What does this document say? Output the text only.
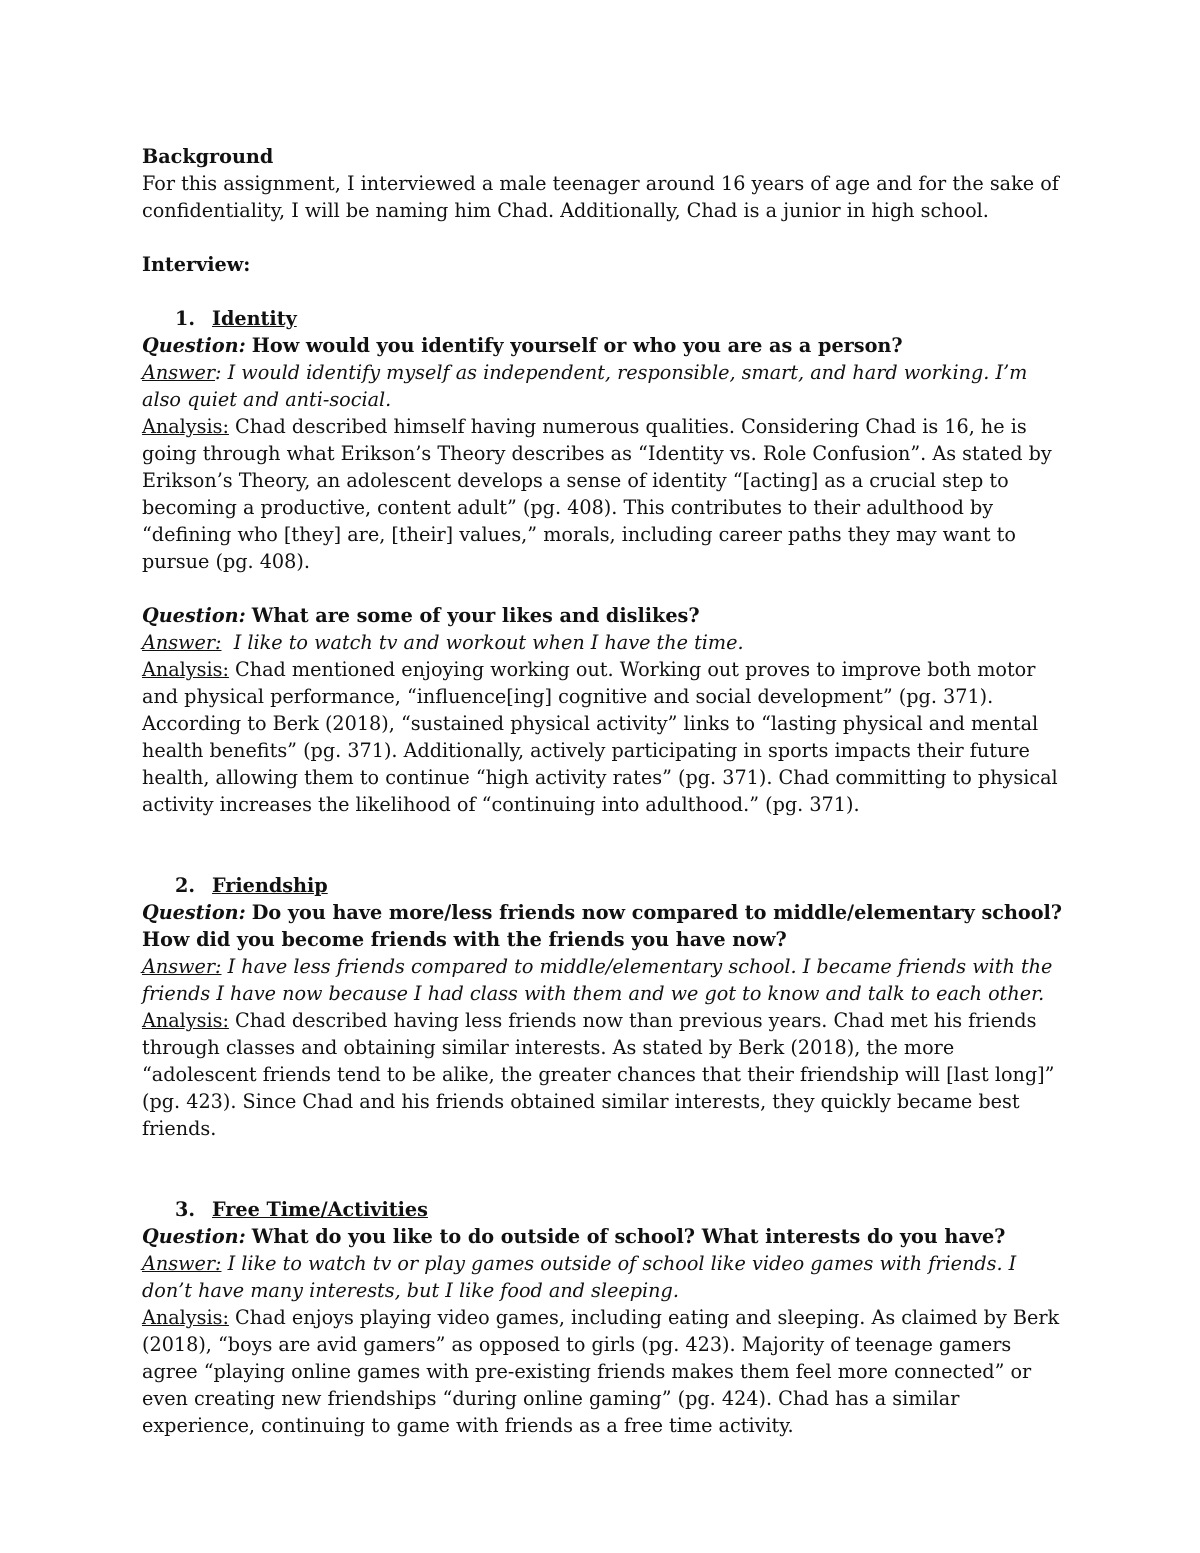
Background

For this assignment, I interviewed a male teenager around 16 years of age and for the sake of confidentiality, I will be naming him Chad. Additionally, Chad is a junior in high school.

Interview:
1. Identity

Question: How would you identify yourself or who you are as a person?

Answer: I would identify myself as independent, responsible, smart, and hard working. I’m also quiet and anti-social.

Analysis: Chad described himself having numerous qualities. Considering Chad is 16, he is going through what Erikson’s Theory describes as “Identity vs. Role Confusion”. As stated by Erikson’s Theory, an adolescent develops a sense of identity “[acting] as a crucial step to becoming a productive, content adult” (pg. 408). This contributes to their adulthood by “defining who [they] are, [their] values,” morals, including career paths they may want to pursue (pg. 408).

Question: What are some of your likes and dislikes?

Answer: I like to watch tv and workout when I have the time.

Analysis: Chad mentioned enjoying working out. Working out proves to improve both motor and physical performance, “influence[ing] cognitive and social development” (pg. 371). According to Berk (2018), “sustained physical activity” links to “lasting physical and mental health benefits” (pg. 371). Additionally, actively participating in sports impacts their future health, allowing them to continue “high activity rates” (pg. 371). Chad committing to physical activity increases the likelihood of “continuing into adulthood.” (pg. 371).

2. Friendship

Question: Do you have more/less friends now compared to middle/elementary school? How did you become friends with the friends you have now?

Answer: I have less friends compared to middle/elementary school. I became friends with the friends I have now because I had class with them and we got to know and talk to each other.

Analysis: Chad described having less friends now than previous years. Chad met his friends through classes and obtaining similar interests. As stated by Berk (2018), the more “adolescent friends tend to be alike, the greater chances that their friendship will [last long]” (pg. 423). Since Chad and his friends obtained similar interests, they quickly became best friends.

3. Free Time/Activities

Question: What do you like to do outside of school? What interests do you have?

Answer: I like to watch tv or play games outside of school like video games with friends. I don’t have many interests, but I like food and sleeping.

Analysis: Chad enjoys playing video games, including eating and sleeping. As claimed by Berk (2018), “boys are avid gamers” as opposed to girls (pg. 423). Majority of teenage gamers agree “playing online games with pre-existing friends makes them feel more connected” or even creating new friendships “during online gaming” (pg. 424). Chad has a similar experience, continuing to game with friends as a free time activity.
